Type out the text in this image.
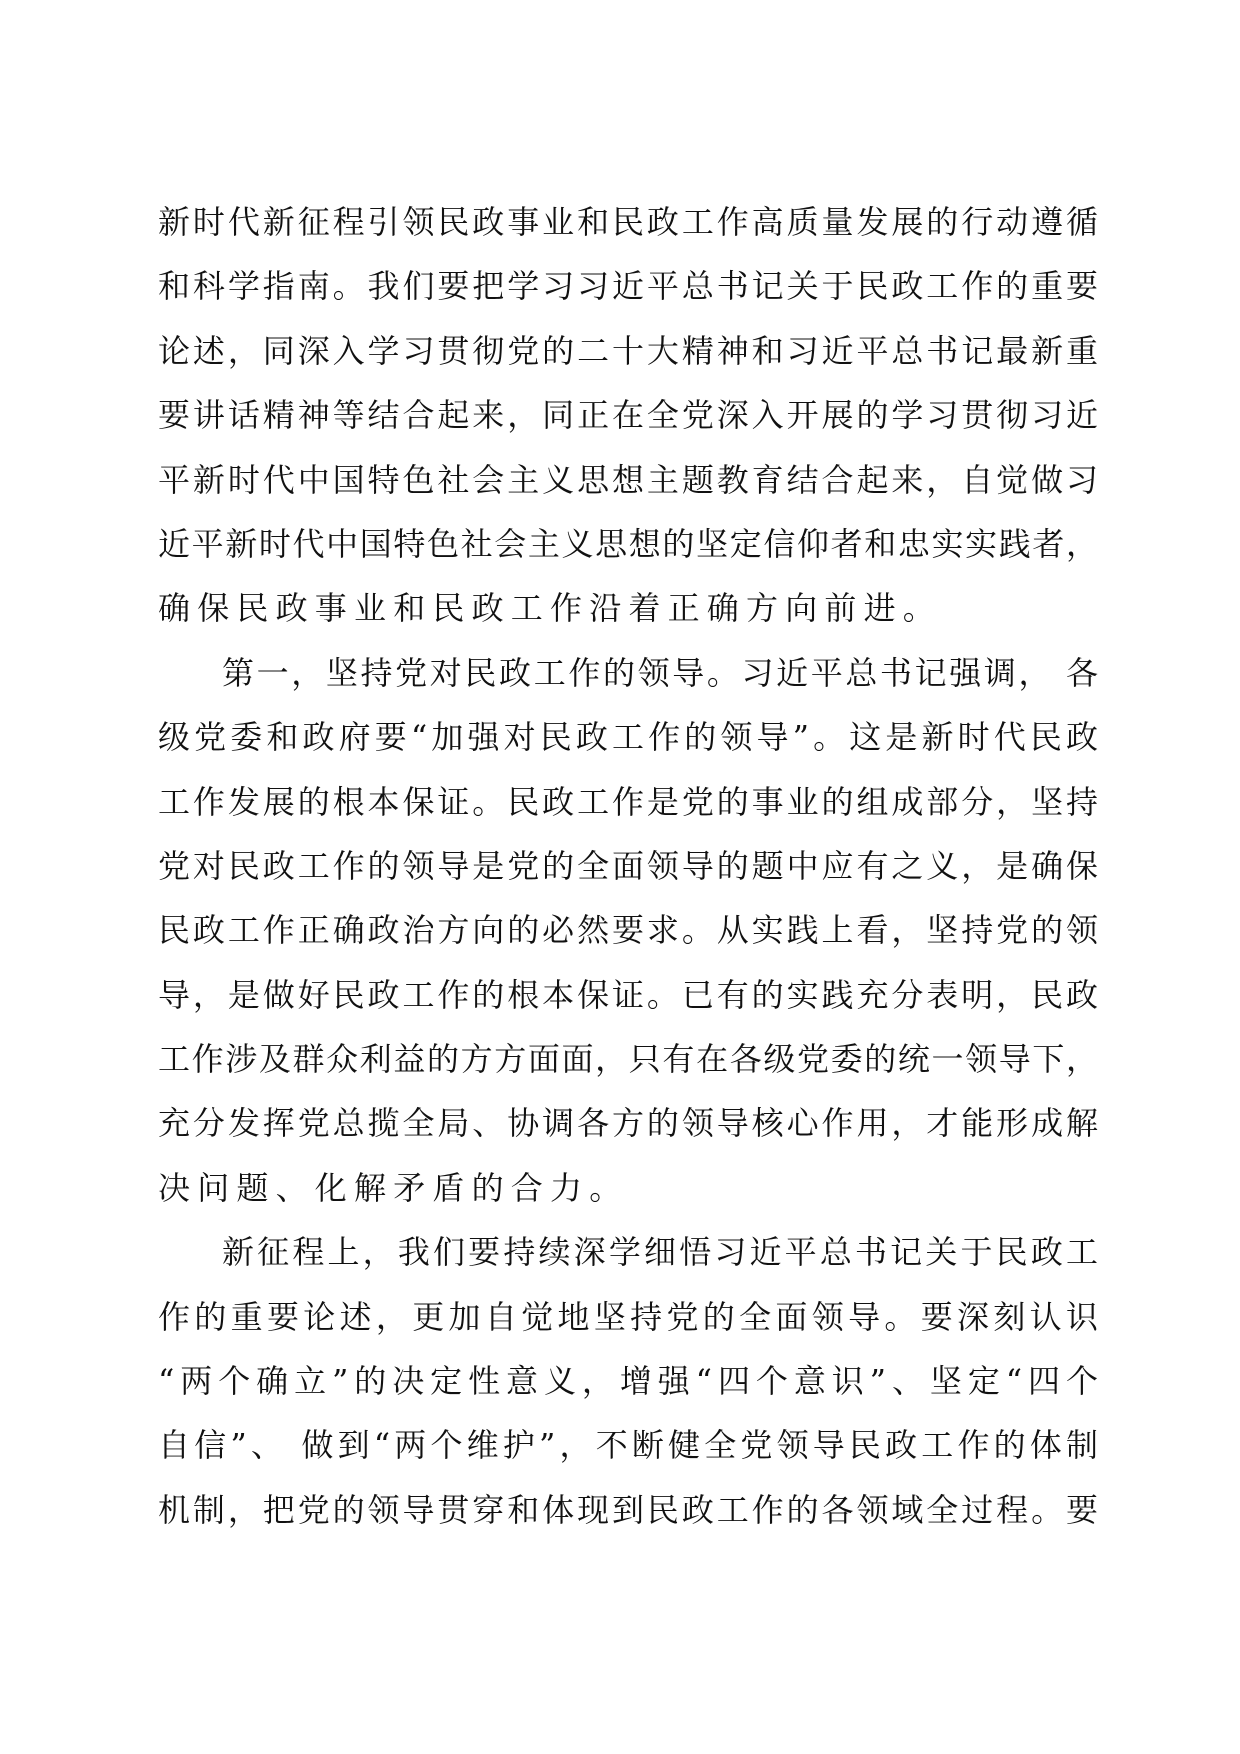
新时代新征程引领民政事业和民政工作高质量发展的行动遵循
和科学指南。我们要把学习习近平总书记关于民政工作的重要
论述，同深入学习贯彻党的二十大精神和习近平总书记最新重
要讲话精神等结合起来，同正在全党深入开展的学习贯彻习近
平新时代中国特色社会主义思想主题教育结合起来，自觉做习
近平新时代中国特色社会主义思想的坚定信仰者和忠实实践者，
确保民政事业和民政工作沿着正确方向前进。
第一，坚持党对民政工作的领导。习近平总书记强调， 各
级党委和政府要“加强对民政工作的领导”。这是新时代民政
工作发展的根本保证。民政工作是党的事业的组成部分，坚持
党对民政工作的领导是党的全面领导的题中应有之义，是确保
民政工作正确政治方向的必然要求。从实践上看，坚持党的领
导，是做好民政工作的根本保证。已有的实践充分表明，民政
工作涉及群众利益的方方面面，只有在各级党委的统一领导下，
充分发挥党总揽全局、协调各方的领导核心作用，才能形成解
决问题、化解矛盾的合力。
新征程上，我们要持续深学细悟习近平总书记关于民政工
作的重要论述，更加自觉地坚持党的全面领导。要深刻认识
“两个确立”的决定性意义，增强“四个意识”、坚定“四个
自信”、 做到“两个维护”，不断健全党领导民政工作的体制
机制，把党的领导贯穿和体现到民政工作的各领域全过程。要
